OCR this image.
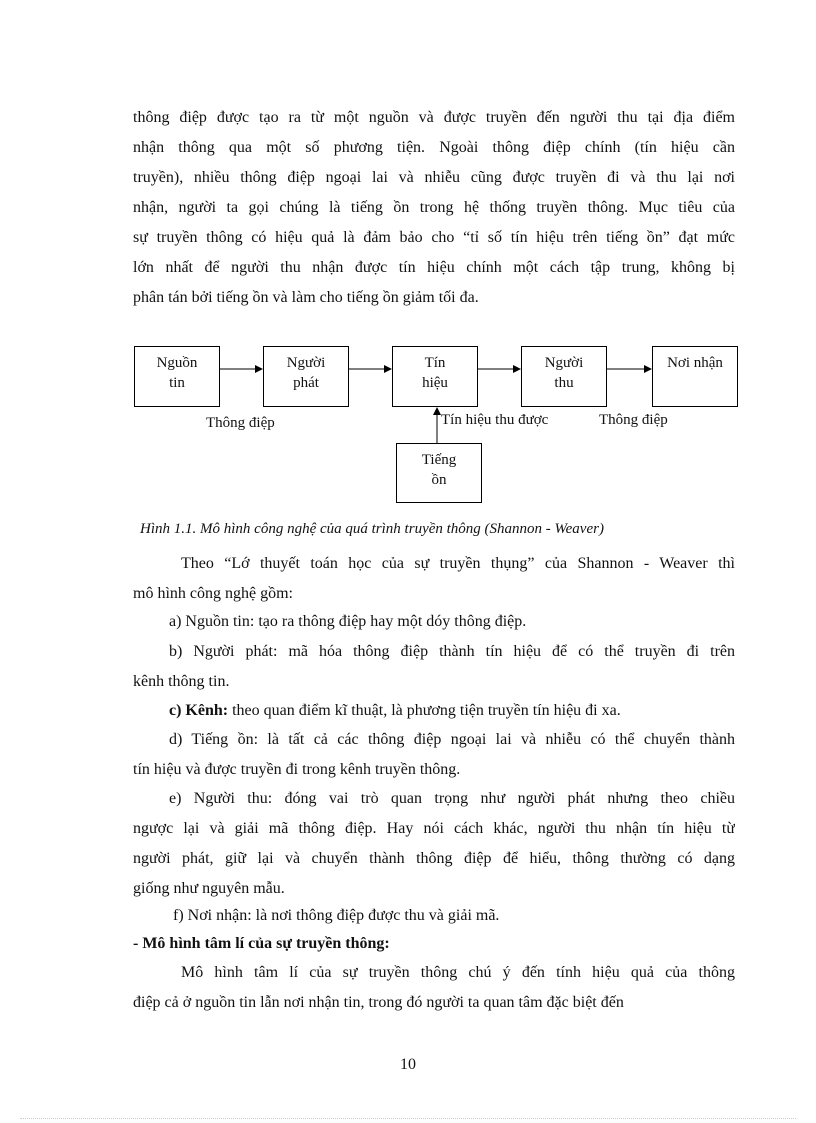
thông điệp được tạo ra từ một nguồn và được truyền đến người thu tại địa điểm
nhận thông qua một số phương tiện. Ngoài thông điệp chính (tín hiệu cần
truyền), nhiều thông điệp ngoại lai và nhiễu cũng được truyền đi và thu lại nơi
nhận, người ta gọi chúng là tiếng ồn trong hệ thống truyền thông. Mục tiêu của
sự truyền thông có hiệu quả là đảm bảo cho “tỉ số tín hiệu trên tiếng ồn” đạt mức
lớn nhất để người thu nhận được tín hiệu chính một cách tập trung, không bị
phân tán bởi tiếng ồn và làm cho tiếng ồn giảm tối đa.
Nguồn
tin
Người
phát
Tín
hiệu
Người
thu
Nơi nhận
Tiếng
ồn
Thông điệp	Tín hiệu thu được	Thông điệp
Hình 1.1. Mô hình công nghệ của quá trình truyền thông (Shannon - Weaver)
Theo “Lớ thuyết toán học của sự truyền thụng” của Shannon - Weaver thì
mô hình công nghệ gồm:
a) Nguồn tin: tạo ra thông điệp hay một dóy thông điệp.
b) Người phát: mã hóa thông điệp thành tín hiệu để có thể truyền đi trên
kênh thông tin.
c) Kênh: theo quan điểm kĩ thuật, là phương tiện truyền tín hiệu đi xa.
d) Tiếng ồn: là tất cả các thông điệp ngoại lai và nhiễu có thể chuyển thành
tín hiệu và được truyền đi trong kênh truyền thông.
e) Người thu: đóng vai trò quan trọng như người phát nhưng theo chiều
ngược lại và giải mã thông điệp. Hay nói cách khác, người thu nhận tín hiệu từ
người phát, giữ lại và chuyển thành thông điệp để hiểu, thông thường có dạng
giống như nguyên mẫu.
f) Nơi nhận: là nơi thông điệp được thu và giải mã.
- Mô hình tâm lí của sự truyền thông:
Mô hình tâm lí của sự truyền thông chú ý đến tính hiệu quả của thông
điệp cả ở nguồn tin lẫn nơi nhận tin, trong đó người ta quan tâm đặc biệt đến
10
